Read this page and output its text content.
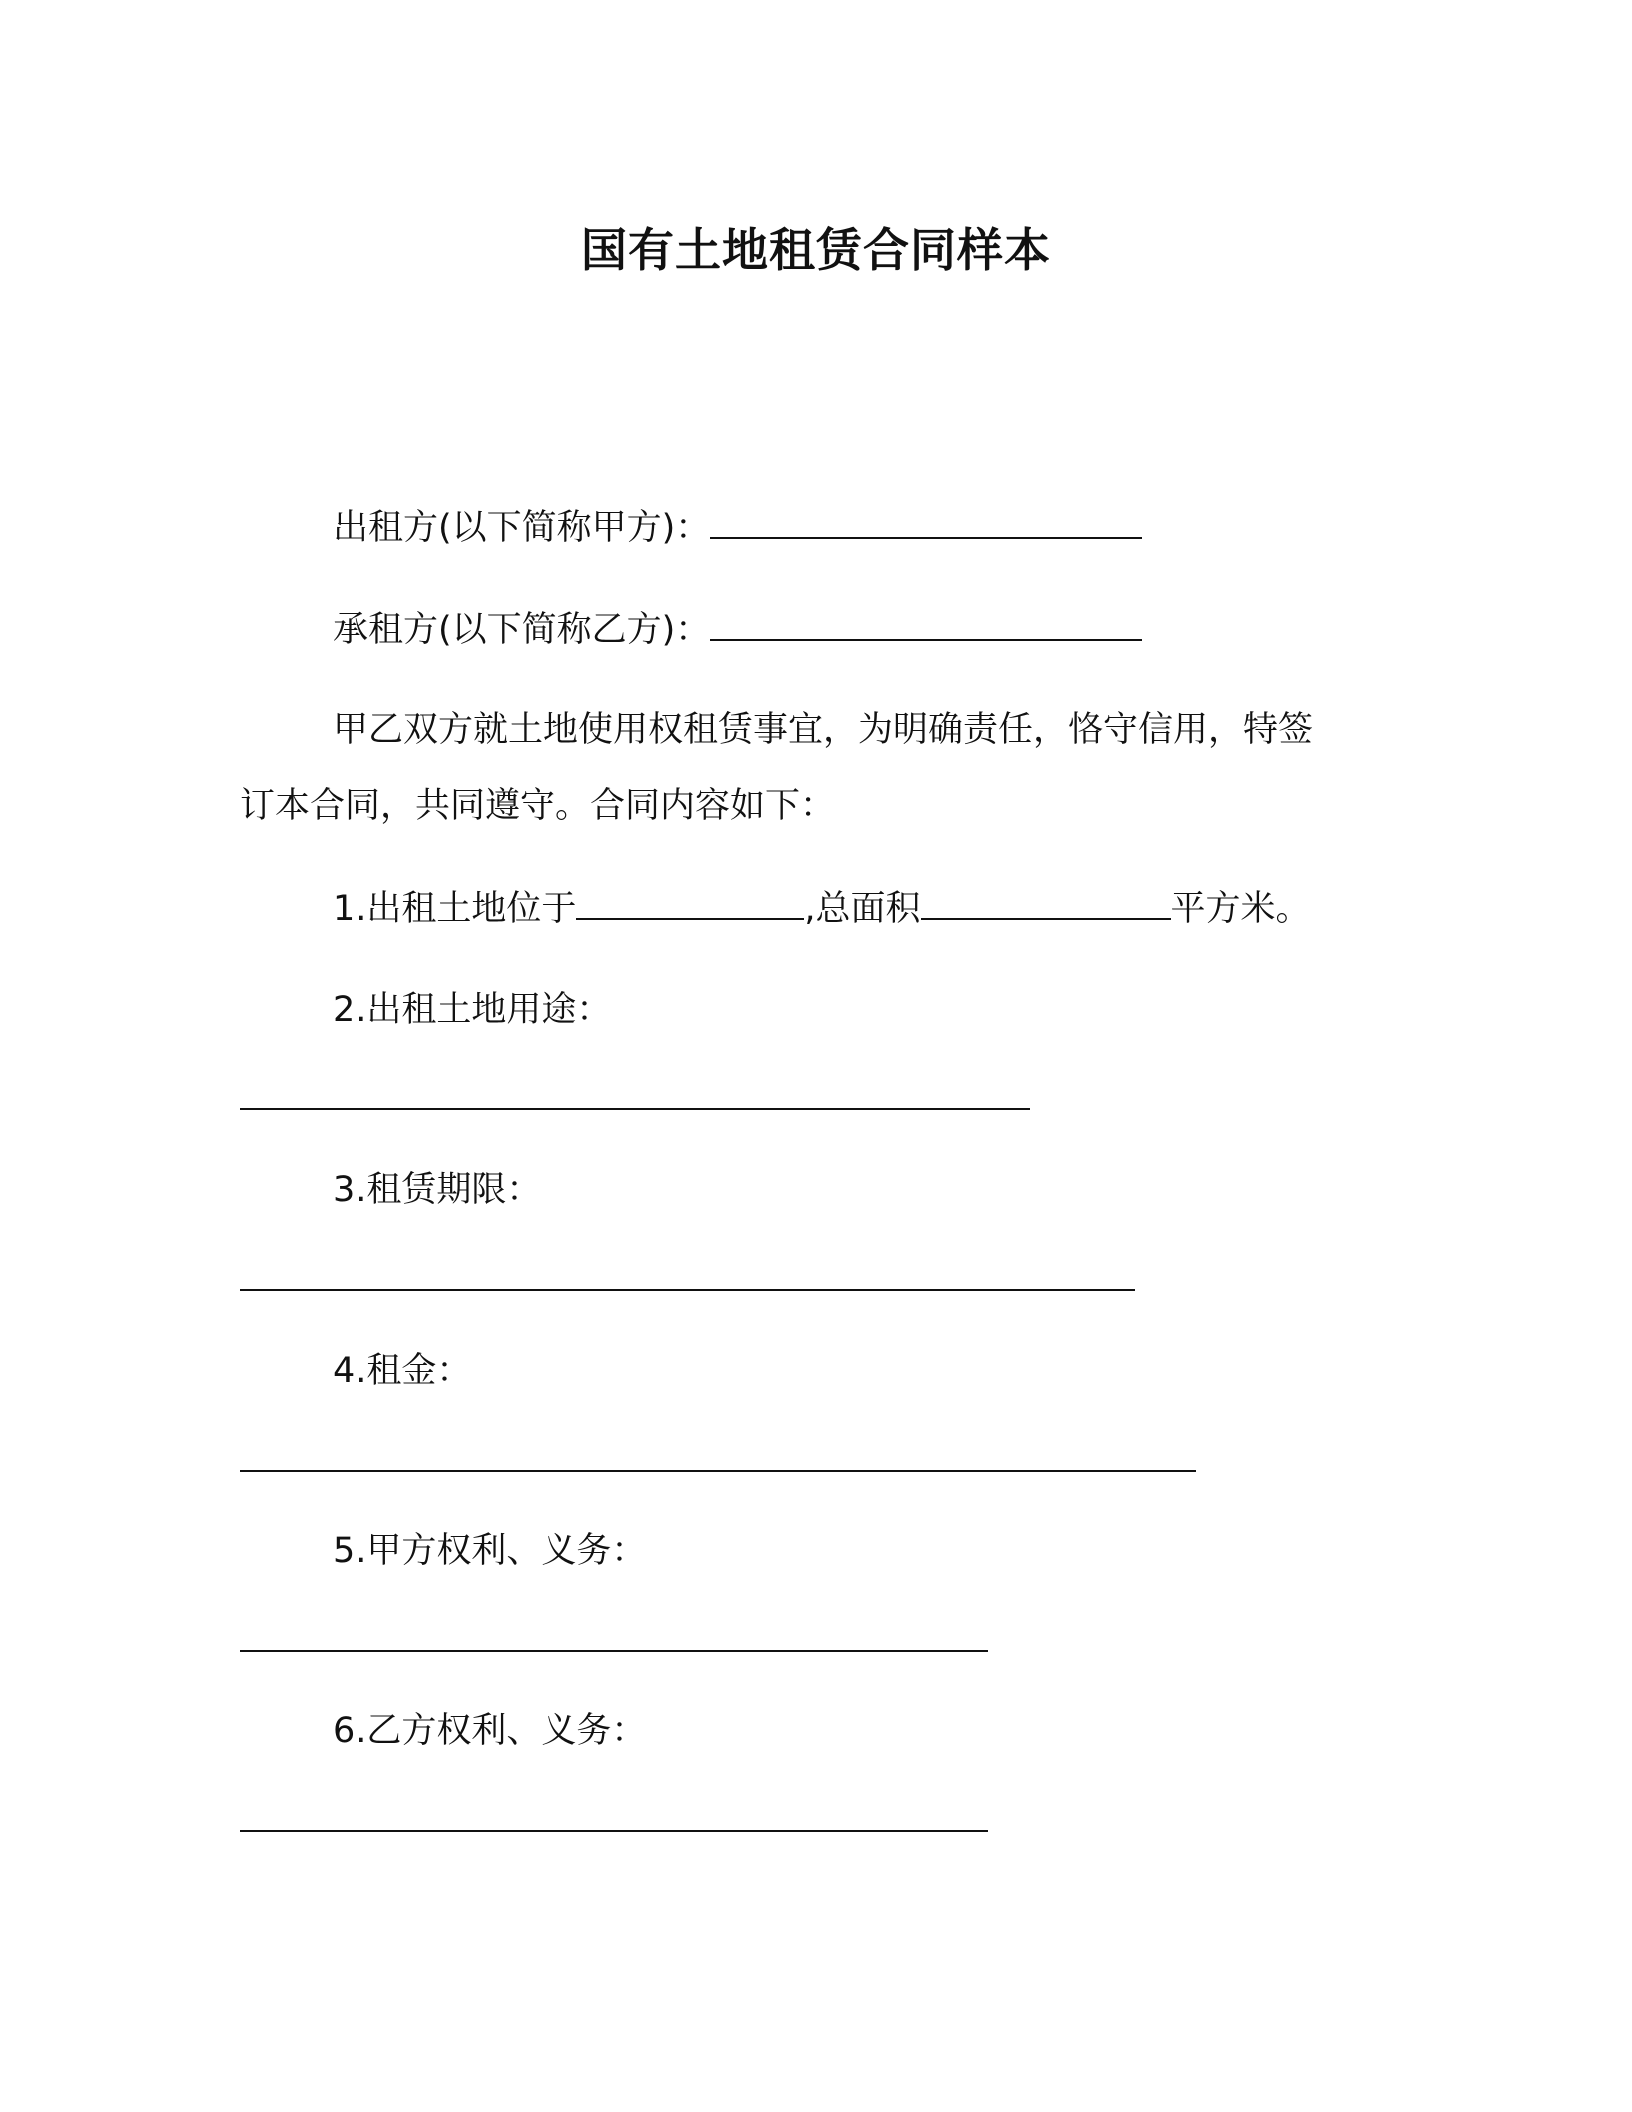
国有土地租赁合同样本
出租方(以下简称甲方)：
承租方(以下简称乙方)：
甲乙双方就土地使用权租赁事宜，为明确责任，恪守信用，特签
订本合同，共同遵守。合同内容如下：
1.出租土地位于	,总面积	平方米。
2.出租土地用途：
3.租赁期限：
4.租金：
5.甲方权利、义务：
6.乙方权利、义务：
